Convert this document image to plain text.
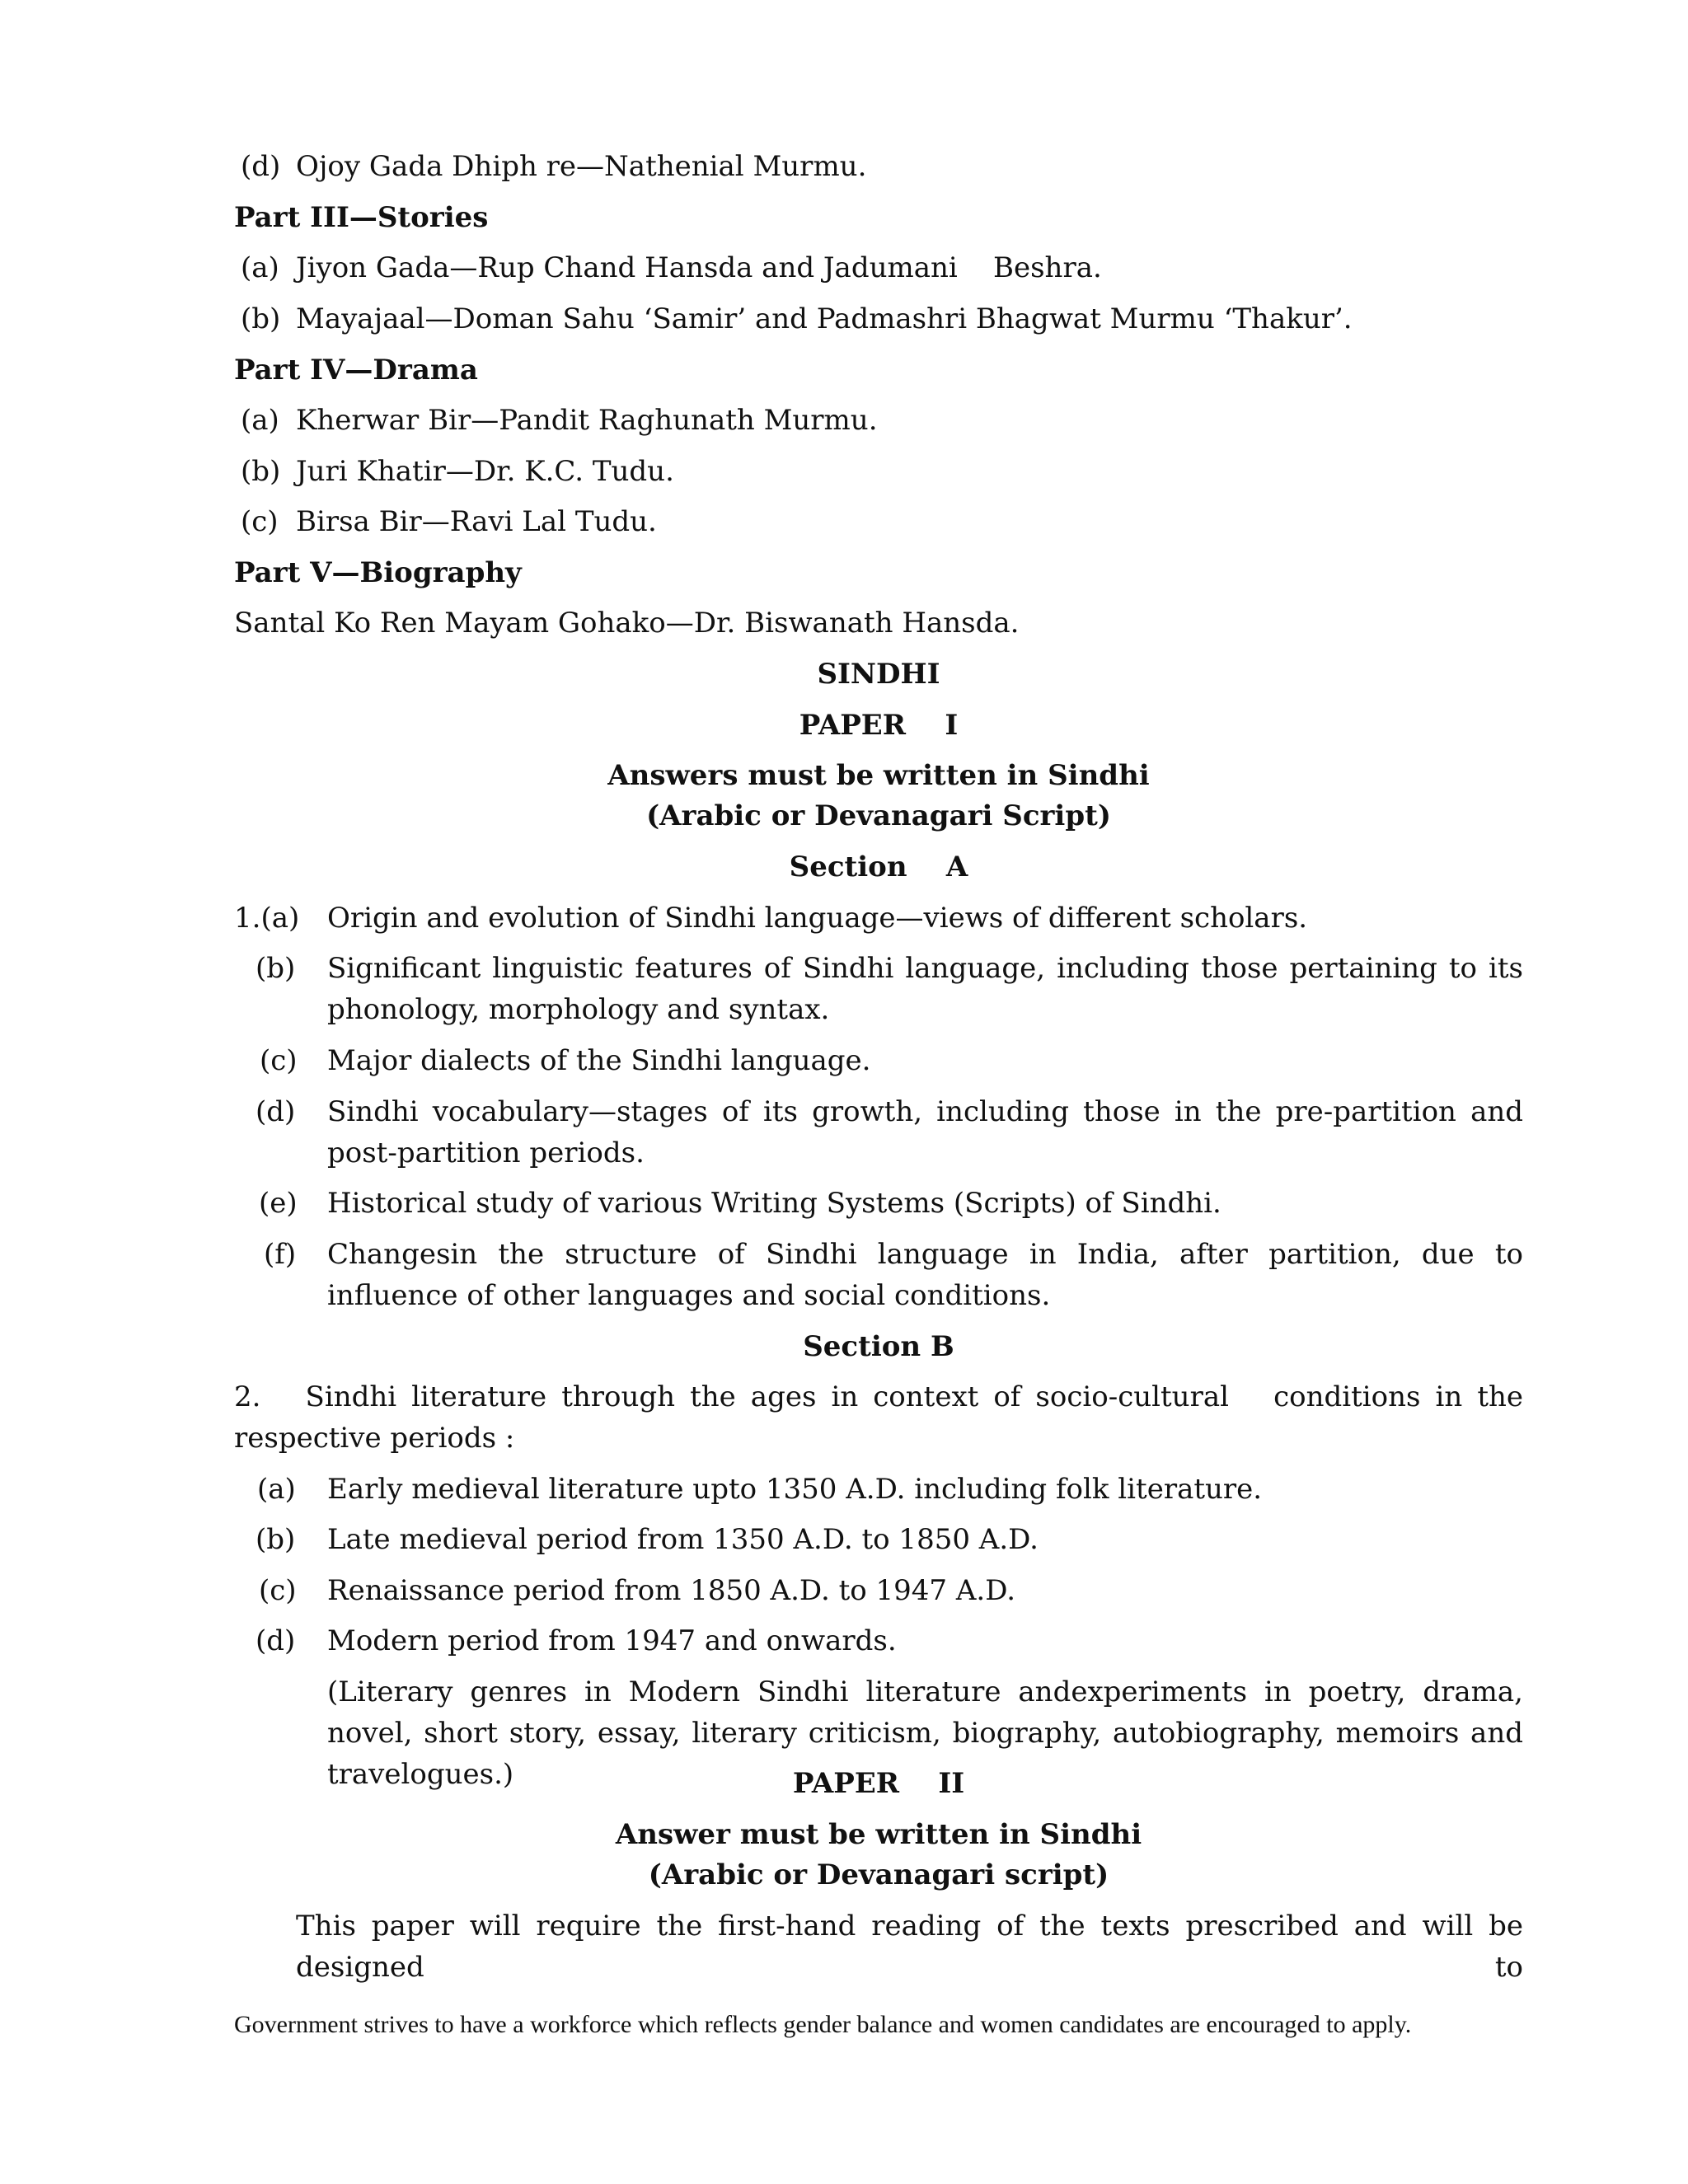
(d) Ojoy Gada Dhiph re—Nathenial Murmu.
Part III—Stories
(a) Jiyon Gada—Rup Chand Hansda and Jadumani    Beshra.
(b) Mayajaal—Doman Sahu ‘Samir’ and Padmashri Bhagwat Murmu ‘Thakur’.
Part IV—Drama
(a) Kherwar Bir—Pandit Raghunath Murmu.
(b) Juri Khatir—Dr. K.C. Tudu.
(c) Birsa Bir—Ravi Lal Tudu.
Part V—Biography
Santal Ko Ren Mayam Gohako—Dr. Biswanath Hansda.
SINDHI
PAPER    I
Answers must be written in Sindhi
(Arabic or Devanagari Script)
Section    A
1.(a) Origin and evolution of Sindhi language—views of different scholars.
(b) Significant linguistic features of Sindhi language, including those pertaining to its phonology, morphology and syntax.
(c) Major dialects of the Sindhi language.
(d) Sindhi vocabulary—stages of its growth, including those in the pre-partition and post-partition periods.
(e) Historical study of various Writing Systems (Scripts) of Sindhi.
(f) Changesin the structure of Sindhi language in India, after partition, due to influence of other languages and social conditions.
Section B
2.   Sindhi literature through the ages in context of socio-cultural   conditions in the respective periods :
(a) Early medieval literature upto 1350 A.D. including folk literature.
(b) Late medieval period from 1350 A.D. to 1850 A.D.
(c) Renaissance period from 1850 A.D. to 1947 A.D.
(d) Modern period from 1947 and onwards.
(Literary genres in Modern Sindhi literature andexperiments in poetry, drama, novel, short story, essay, literary criticism, biography, autobiography, memoirs and travelogues.)	PAPER    II
Answer must be written in Sindhi
(Arabic or Devanagari script)
This paper will require the first-hand reading of the texts prescribed and will be designed to
Government strives to have a workforce which reflects gender balance and women candidates are encouraged to apply.
